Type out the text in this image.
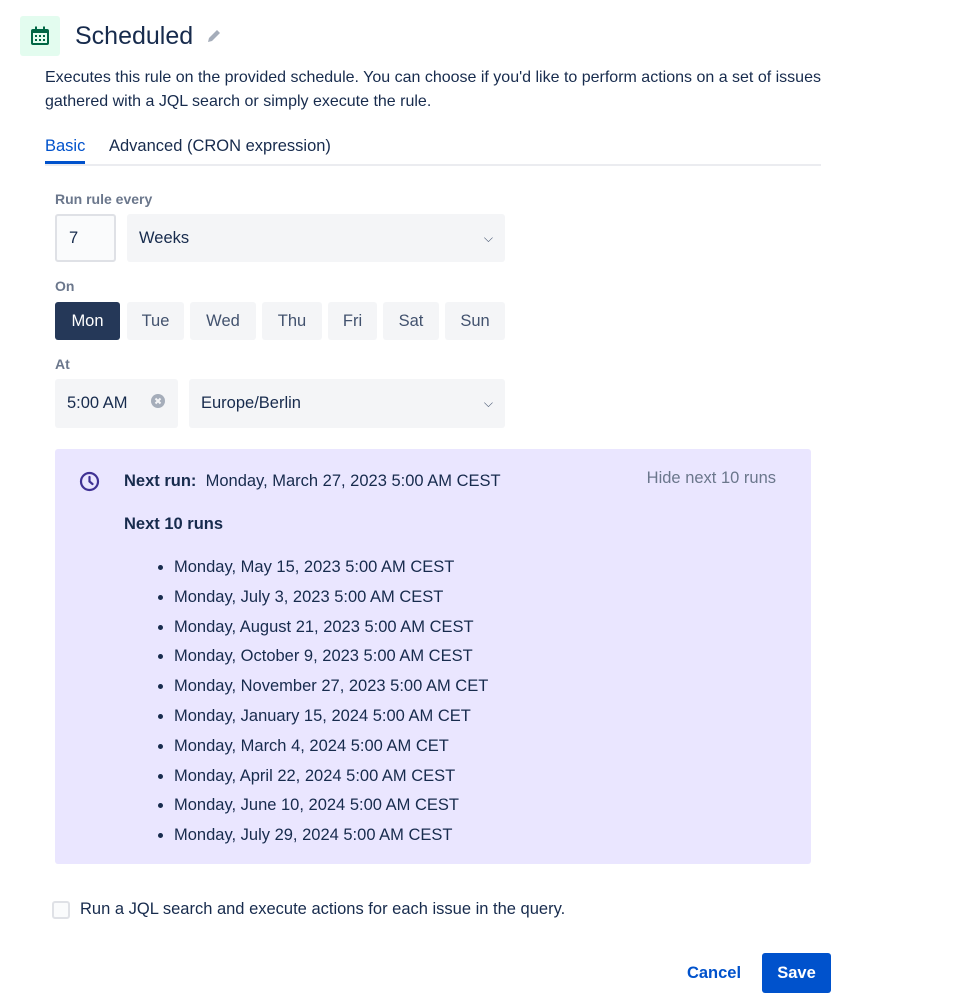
Scheduled
Executes this rule on the provided schedule. You can choose if you'd like to perform actions on a set of issues gathered with a JQL search or simply execute the rule.
Basic Advanced (CRON expression)
Run rule every
7	Weeks	⌵
On
Mon	Tue	Wed	Thu	Fri	Sat	Sun
At
5:00 AM	Europe/Berlin	⌵
Next run: Monday, March 27, 2023 5:00 AM CEST	Hide next 10 runs
Next 10 runs
• Monday, May 15, 2023 5:00 AM CEST
• Monday, July 3, 2023 5:00 AM CEST
• Monday, August 21, 2023 5:00 AM CEST
• Monday, October 9, 2023 5:00 AM CEST
• Monday, November 27, 2023 5:00 AM CET
• Monday, January 15, 2024 5:00 AM CET
• Monday, March 4, 2024 5:00 AM CET
• Monday, April 22, 2024 5:00 AM CEST
• Monday, June 10, 2024 5:00 AM CEST
• Monday, July 29, 2024 5:00 AM CEST
Run a JQL search and execute actions for each issue in the query.
Cancel	Save
